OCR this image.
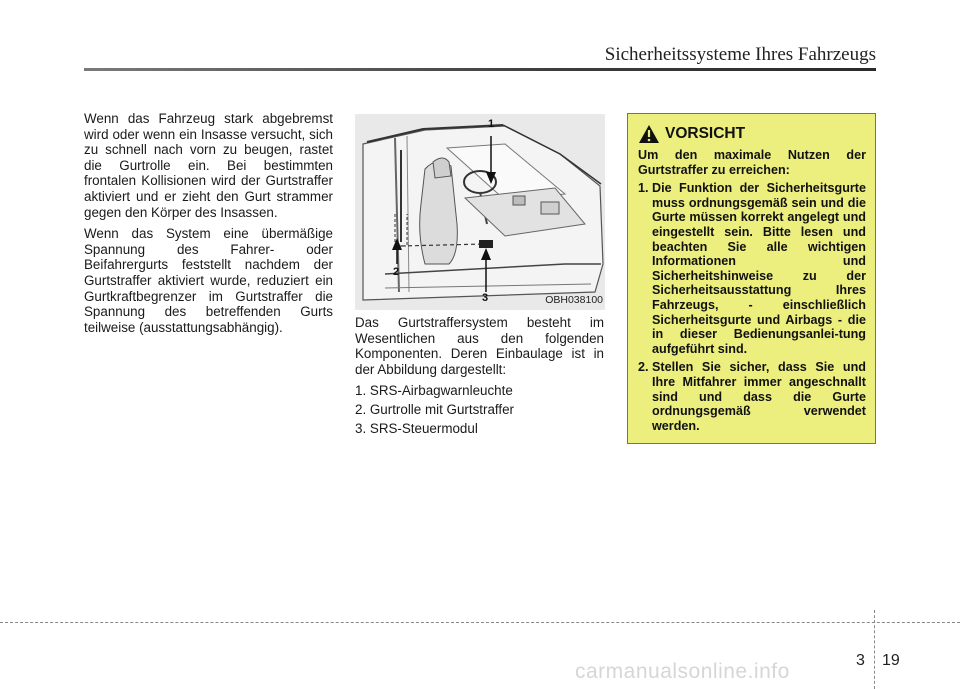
Sicherheitssysteme Ihres Fahrzeugs

Wenn das Fahrzeug stark abgebremst wird oder wenn ein Insasse versucht, sich zu schnell nach vorn zu beugen, rastet die Gurtrolle ein. Bei bestimmten frontalen Kollisionen wird der Gurtstraffer aktiviert und er zieht den Gurt strammer gegen den Körper des Insassen.

Wenn das System eine übermäßige Spannung des Fahrer- oder Beifahrergurts feststellt nachdem der Gurtstraffer aktiviert wurde, reduziert ein Gurtkraftbegrenzer im Gurtstraffer die Spannung des betreffenden Gurts teilweise (ausstattungsabhängig).

1
2
3	OBH038100

Das Gurtstraffersystem besteht im Wesentlichen aus den folgenden Komponenten. Deren Einbaulage ist in der Abbildung dargestellt:

1. SRS-Airbagwarnleuchte

2. Gurtrolle mit Gurtstraffer

3. SRS-Steuermodul

VORSICHT

Um den maximale Nutzen der Gurtstraffer zu erreichen:

1. Die Funktion der Sicherheitsgurte muss ordnungsgemäß sein und die Gurte müssen korrekt angelegt und eingestellt sein. Bitte lesen und beachten Sie alle wichtigen Informationen und Sicherheitshinweise zu der Sicherheitsausstattung Ihres Fahrzeugs, - einschließlich Sicherheitsgurte und Airbags - die in dieser Bedienungsanlei-tung aufgeführt sind.
2. Stellen Sie sicher, dass Sie und Ihre Mitfahrer immer angeschnallt sind und dass die Gurte ordnungsgemäß verwendet werden.
3 19
carmanualsonline.info
